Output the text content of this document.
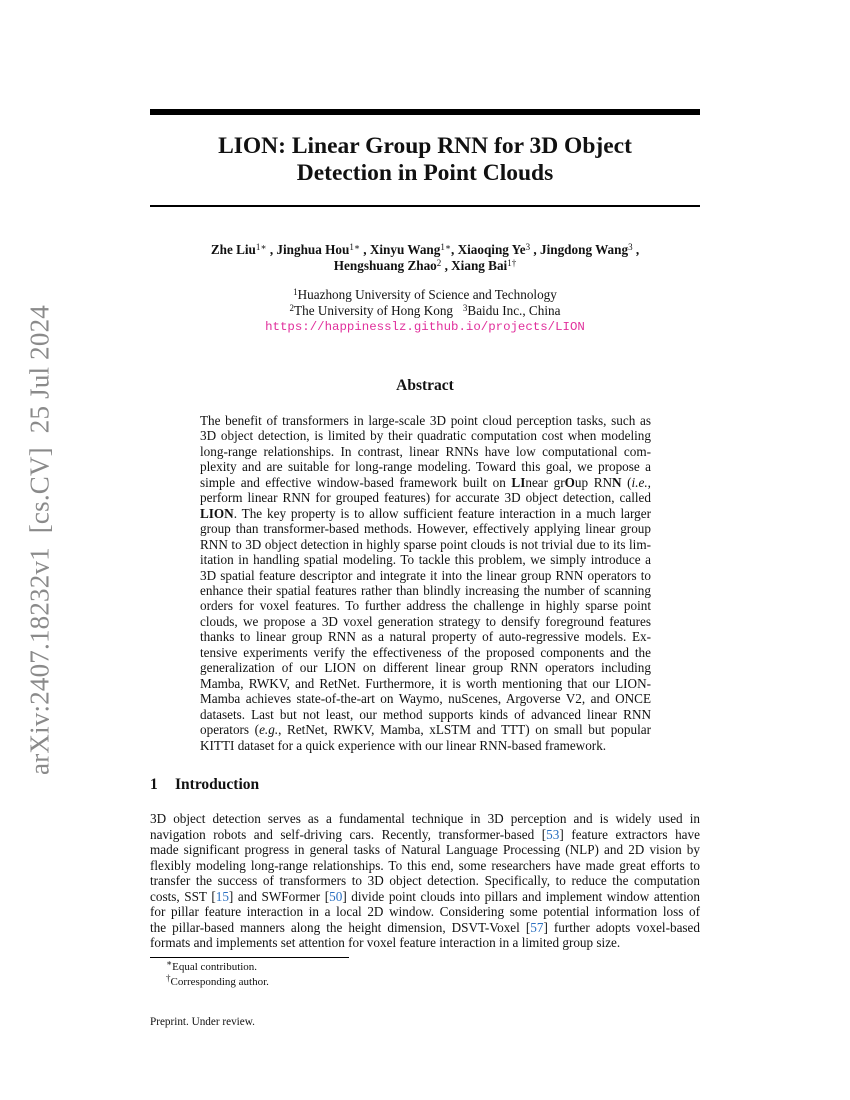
arXiv:2407.18232v1  [cs.CV]  25 Jul 2024
LION: Linear Group RNN for 3D Object
Detection in Point Clouds
Zhe Liu$^{1∗}$ , Jinghua Hou$^{1∗}$ , Xinyu Wang$^{1∗}$, Xiaoqing Ye$^3$ , Jingdong Wang$^3$ ,
Hengshuang Zhao$^2$ , Xiang Bai$^{1\dagger}$
$^1$Huazhong University of Science and Technology
$^2$The University of Hong Kong $^3$Baidu Inc., China
https://happinesslz.github.io/projects/LION
Abstract
The benefit of transformers in large-scale 3D point cloud perception tasks, such as
3D object detection, is limited by their quadratic computation cost when modeling
long-range relationships. In contrast, linear RNNs have low computational com-
plexity and are suitable for long-range modeling. Toward this goal, we propose a
simple and effective window-based framework built on LInear grOup RNN (i.e.,
perform linear RNN for grouped features) for accurate 3D object detection, called
LION. The key property is to allow sufficient feature interaction in a much larger
group than transformer-based methods. However, effectively applying linear group
RNN to 3D object detection in highly sparse point clouds is not trivial due to its lim-
itation in handling spatial modeling. To tackle this problem, we simply introduce a
3D spatial feature descriptor and integrate it into the linear group RNN operators to
enhance their spatial features rather than blindly increasing the number of scanning
orders for voxel features. To further address the challenge in highly sparse point
clouds, we propose a 3D voxel generation strategy to densify foreground features
thanks to linear group RNN as a natural property of auto-regressive models. Ex-
tensive experiments verify the effectiveness of the proposed components and the
generalization of our LION on different linear group RNN operators including
Mamba, RWKV, and RetNet. Furthermore, it is worth mentioning that our LION-
Mamba achieves state-of-the-art on Waymo, nuScenes, Argoverse V2, and ONCE
datasets. Last but not least, our method supports kinds of advanced linear RNN
operators (e.g., RetNet, RWKV, Mamba, xLSTM and TTT) on small but popular
KITTI dataset for a quick experience with our linear RNN-based framework.
1 Introduction
3D object detection serves as a fundamental technique in 3D perception and is widely used in
navigation robots and self-driving cars. Recently, transformer-based [53] feature extractors have
made significant progress in general tasks of Natural Language Processing (NLP) and 2D vision by
flexibly modeling long-range relationships. To this end, some researchers have made great efforts to
transfer the success of transformers to 3D object detection. Specifically, to reduce the computation
costs, SST [15] and SWFormer [50] divide point clouds into pillars and implement window attention
for pillar feature interaction in a local 2D window. Considering some potential information loss of
the pillar-based manners along the height dimension, DSVT-Voxel [57] further adopts voxel-based
formats and implements set attention for voxel feature interaction in a limited group size.
∗Equal contribution.
†Corresponding author.
Preprint. Under review.
